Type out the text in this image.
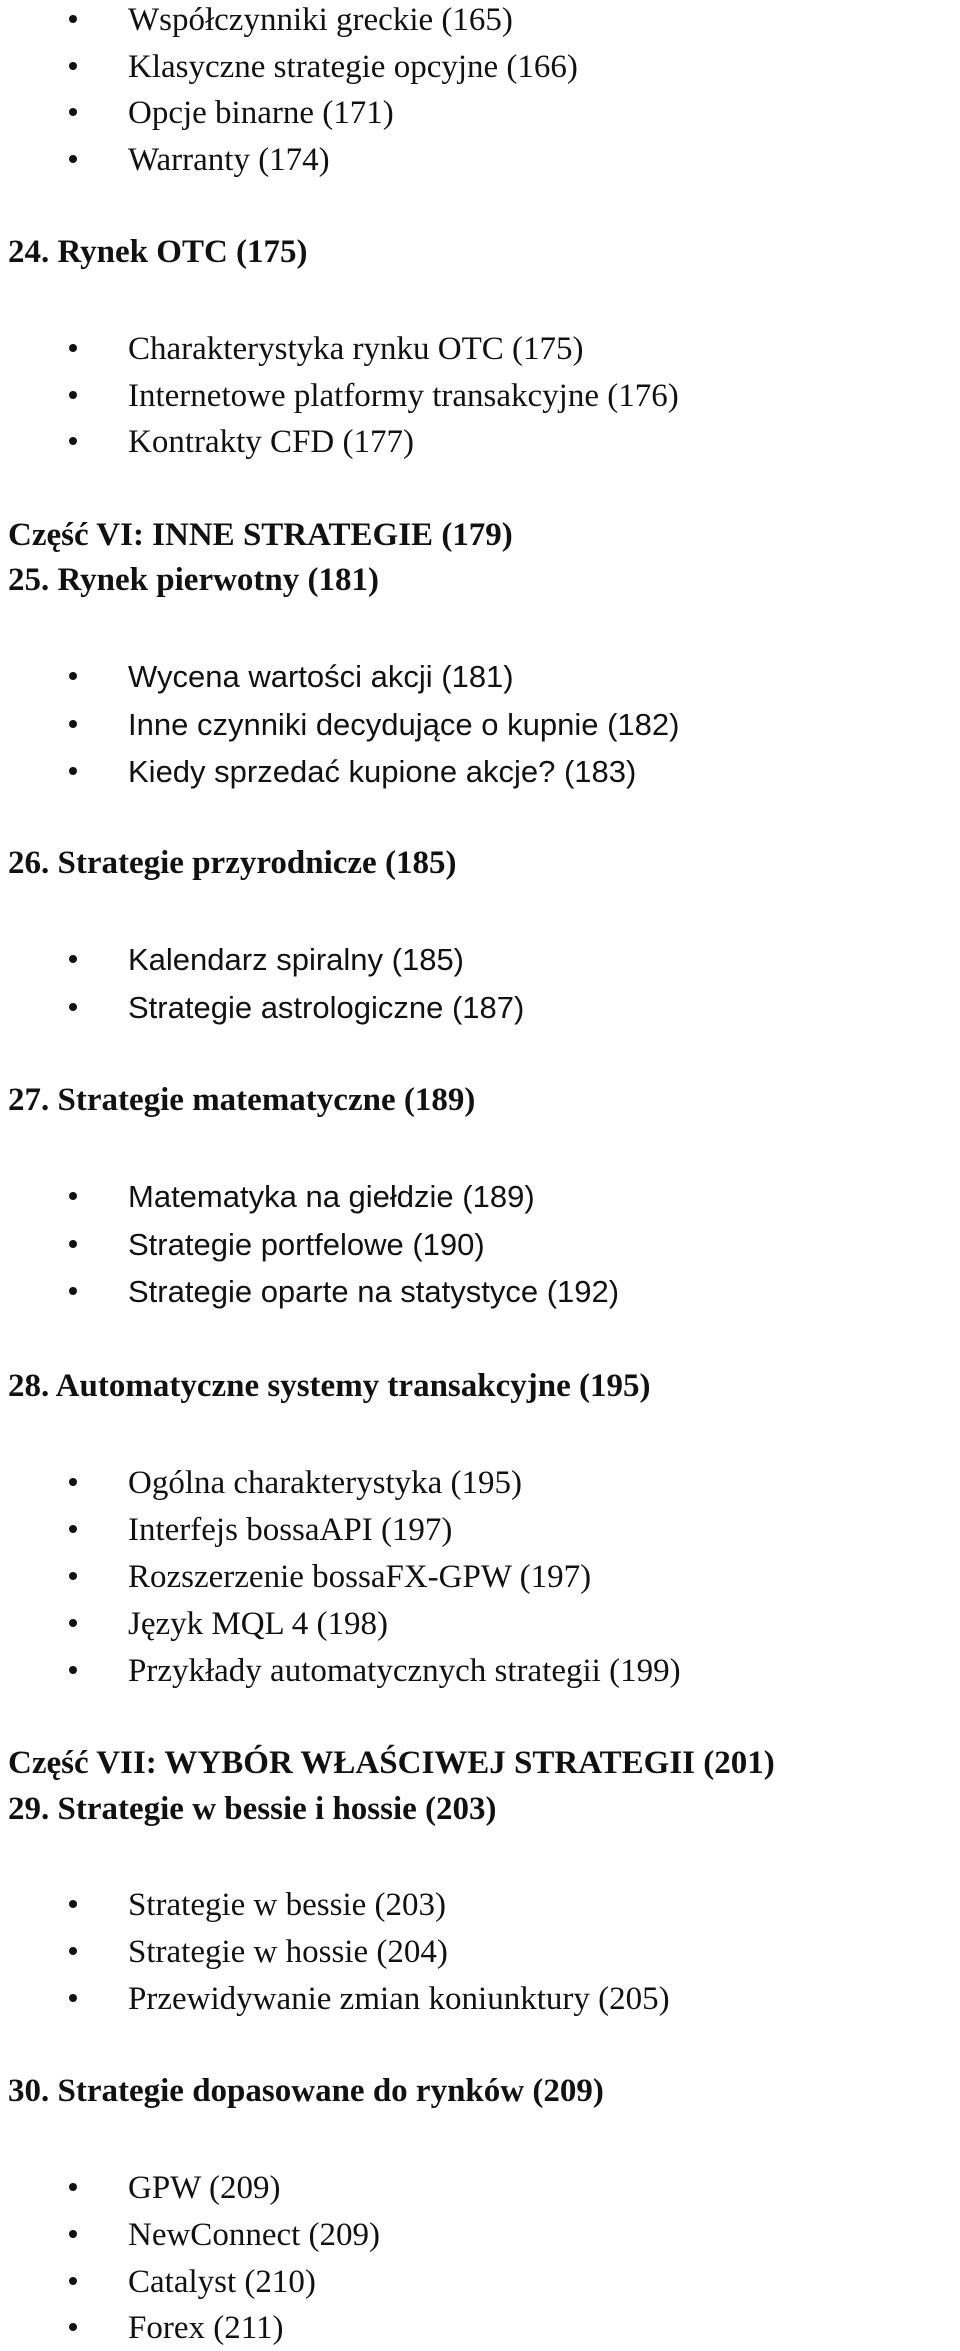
Współczynniki greckie (165)
Klasyczne strategie opcyjne (166)
Opcje binarne (171)
Warranty (174)
24. Rynek OTC (175)
Charakterystyka rynku OTC (175)
Internetowe platformy transakcyjne (176)
Kontrakty CFD (177)
Część VI: INNE STRATEGIE (179)
25. Rynek pierwotny (181)
Wycena wartości akcji (181)
Inne czynniki decydujące o kupnie (182)
Kiedy sprzedać kupione akcje? (183)
26. Strategie przyrodnicze (185)
Kalendarz spiralny (185)
Strategie astrologiczne (187)
27. Strategie matematyczne (189)
Matematyka na giełdzie (189)
Strategie portfelowe (190)
Strategie oparte na statystyce (192)
28. Automatyczne systemy transakcyjne (195)
Ogólna charakterystyka (195)
Interfejs bossaAPI (197)
Rozszerzenie bossaFX-GPW (197)
Język MQL 4 (198)
Przykłady automatycznych strategii (199)
Część VII: WYBÓR WŁAŚCIWEJ STRATEGII (201)
29. Strategie w bessie i hossie (203)
Strategie w bessie (203)
Strategie w hossie (204)
Przewidywanie zmian koniunktury (205)
30. Strategie dopasowane do rynków (209)
GPW (209)
NewConnect (209)
Catalyst (210)
Forex (211)
